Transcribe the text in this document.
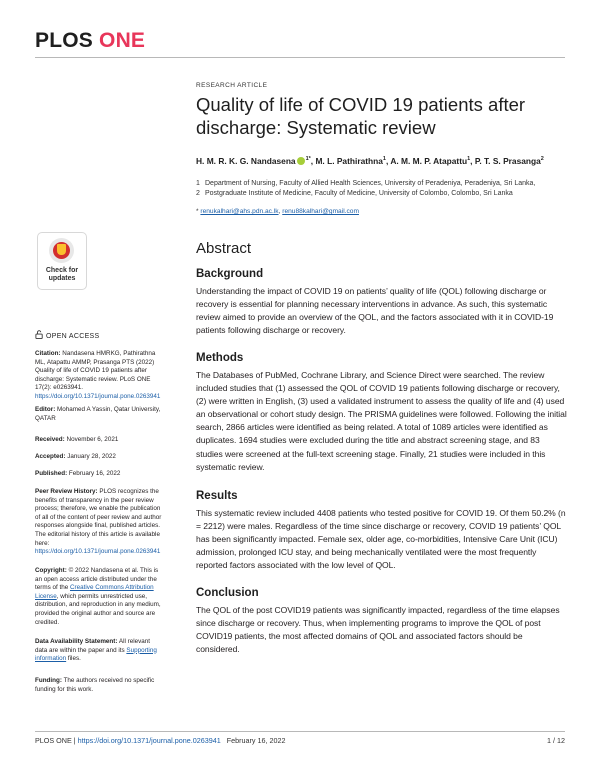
PLOS ONE
RESEARCH ARTICLE
Quality of life of COVID 19 patients after discharge: Systematic review
H. M. R. K. G. Nandasena $^{1*}$, M. L. Pathirathna$^1$, A. M. M. P. Atapattu$^1$, P. T. S. Prasanga$^2$
1 Department of Nursing, Faculty of Allied Health Sciences, University of Peradeniya, Peradeniya, Sri Lanka,
2 Postgraduate Institute of Medicine, Faculty of Medicine, University of Colombo, Colombo, Sri Lanka
* renukalhari@ahs.pdn.ac.lk, renu88kalhari@gmail.com
Abstract
Background
Understanding the impact of COVID 19 on patients’ quality of life (QOL) following discharge or recovery is essential for planning necessary interventions in advance. As such, this systematic review aimed to provide an overview of the QOL, and the factors associated with it in COVID-19 patients following discharge or recovery.
Methods
The Databases of PubMed, Cochrane Library, and Science Direct were searched. The review included studies that (1) assessed the QOL of COVID 19 patients following discharge or recovery, (2) were written in English, (3) used a validated instrument to assess the quality of life and (4) used an observational or cohort study design. The PRISMA guidelines were followed. Following the initial search, 2866 articles were identified as being related. A total of 1089 articles were identified as duplicates. 1694 studies were excluded during the title and abstract screening stage, and 83 studies were screened at the full-text screening stage. Finally, 21 studies were included in this systematic review.
Results
This systematic review included 4408 patients who tested positive for COVID 19. Of them 50.2% (n = 2212) were males. Regardless of the time since discharge or recovery, COVID 19 patients’ QOL has been significantly impacted. Female sex, older age, co-morbidities, Intensive Care Unit (ICU) admission, prolonged ICU stay, and being mechanically ventilated were the most frequently reported factors associated with the low level of QOL.
Conclusion
The QOL of the post COVID19 patients was significantly impacted, regardless of the time elapses since discharge or recovery. Thus, when implementing programs to improve the QOL of post COVID19 patients, the most affected domains of QOL and associated factors should be considered.
Check for
updates
OPEN ACCESS
Citation: Nandasena HMRKG, Pathirathna ML, Atapattu AMMP, Prasanga PTS (2022) Quality of life of COVID 19 patients after discharge: Systematic review. PLoS ONE 17(2): e0263941. https://doi.org/10.1371/journal.pone.0263941
Editor: Mohamed A Yassin, Qatar University, QATAR
Received: November 6, 2021
Accepted: January 28, 2022
Published: February 16, 2022
Peer Review History: PLOS recognizes the benefits of transparency in the peer review process; therefore, we enable the publication of all of the content of peer review and author responses alongside final, published articles. The editorial history of this article is available here: https://doi.org/10.1371/journal.pone.0263941
Copyright: © 2022 Nandasena et al. This is an open access article distributed under the terms of the Creative Commons Attribution License, which permits unrestricted use, distribution, and reproduction in any medium, provided the original author and source are credited.
Data Availability Statement: All relevant data are within the paper and its Supporting information files.
Funding: The authors received no specific funding for this work.
PLOS ONE | https://doi.org/10.1371/journal.pone.0263941 February 16, 2022	1 / 12
